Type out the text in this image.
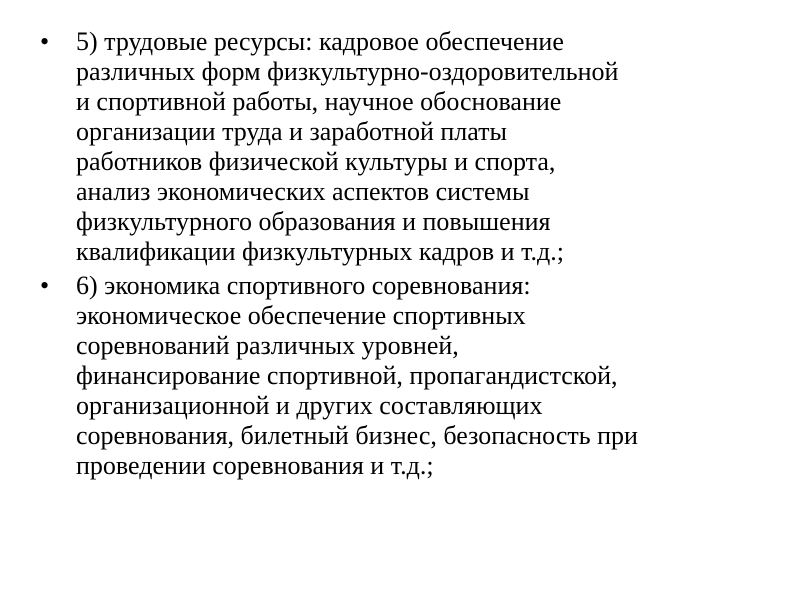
• 5) трудовые ресурсы: кадровое обеспечение
различных форм физкультурно-оздоровительной
и спортивной работы, научное обоснование
организации труда и заработной платы
работников физической культуры и спорта,
анализ экономических аспектов системы
физкультурного образования и повышения
квалификации физкультурных кадров и т.д.;
• 6) экономика спортивного соревнования:
экономическое обеспечение спортивных
соревнований различных уровней,
финансирование спортивной, пропагандистской,
организационной и других составляющих
соревнования, билетный бизнес, безопасность при
проведении соревнования и т.д.;
